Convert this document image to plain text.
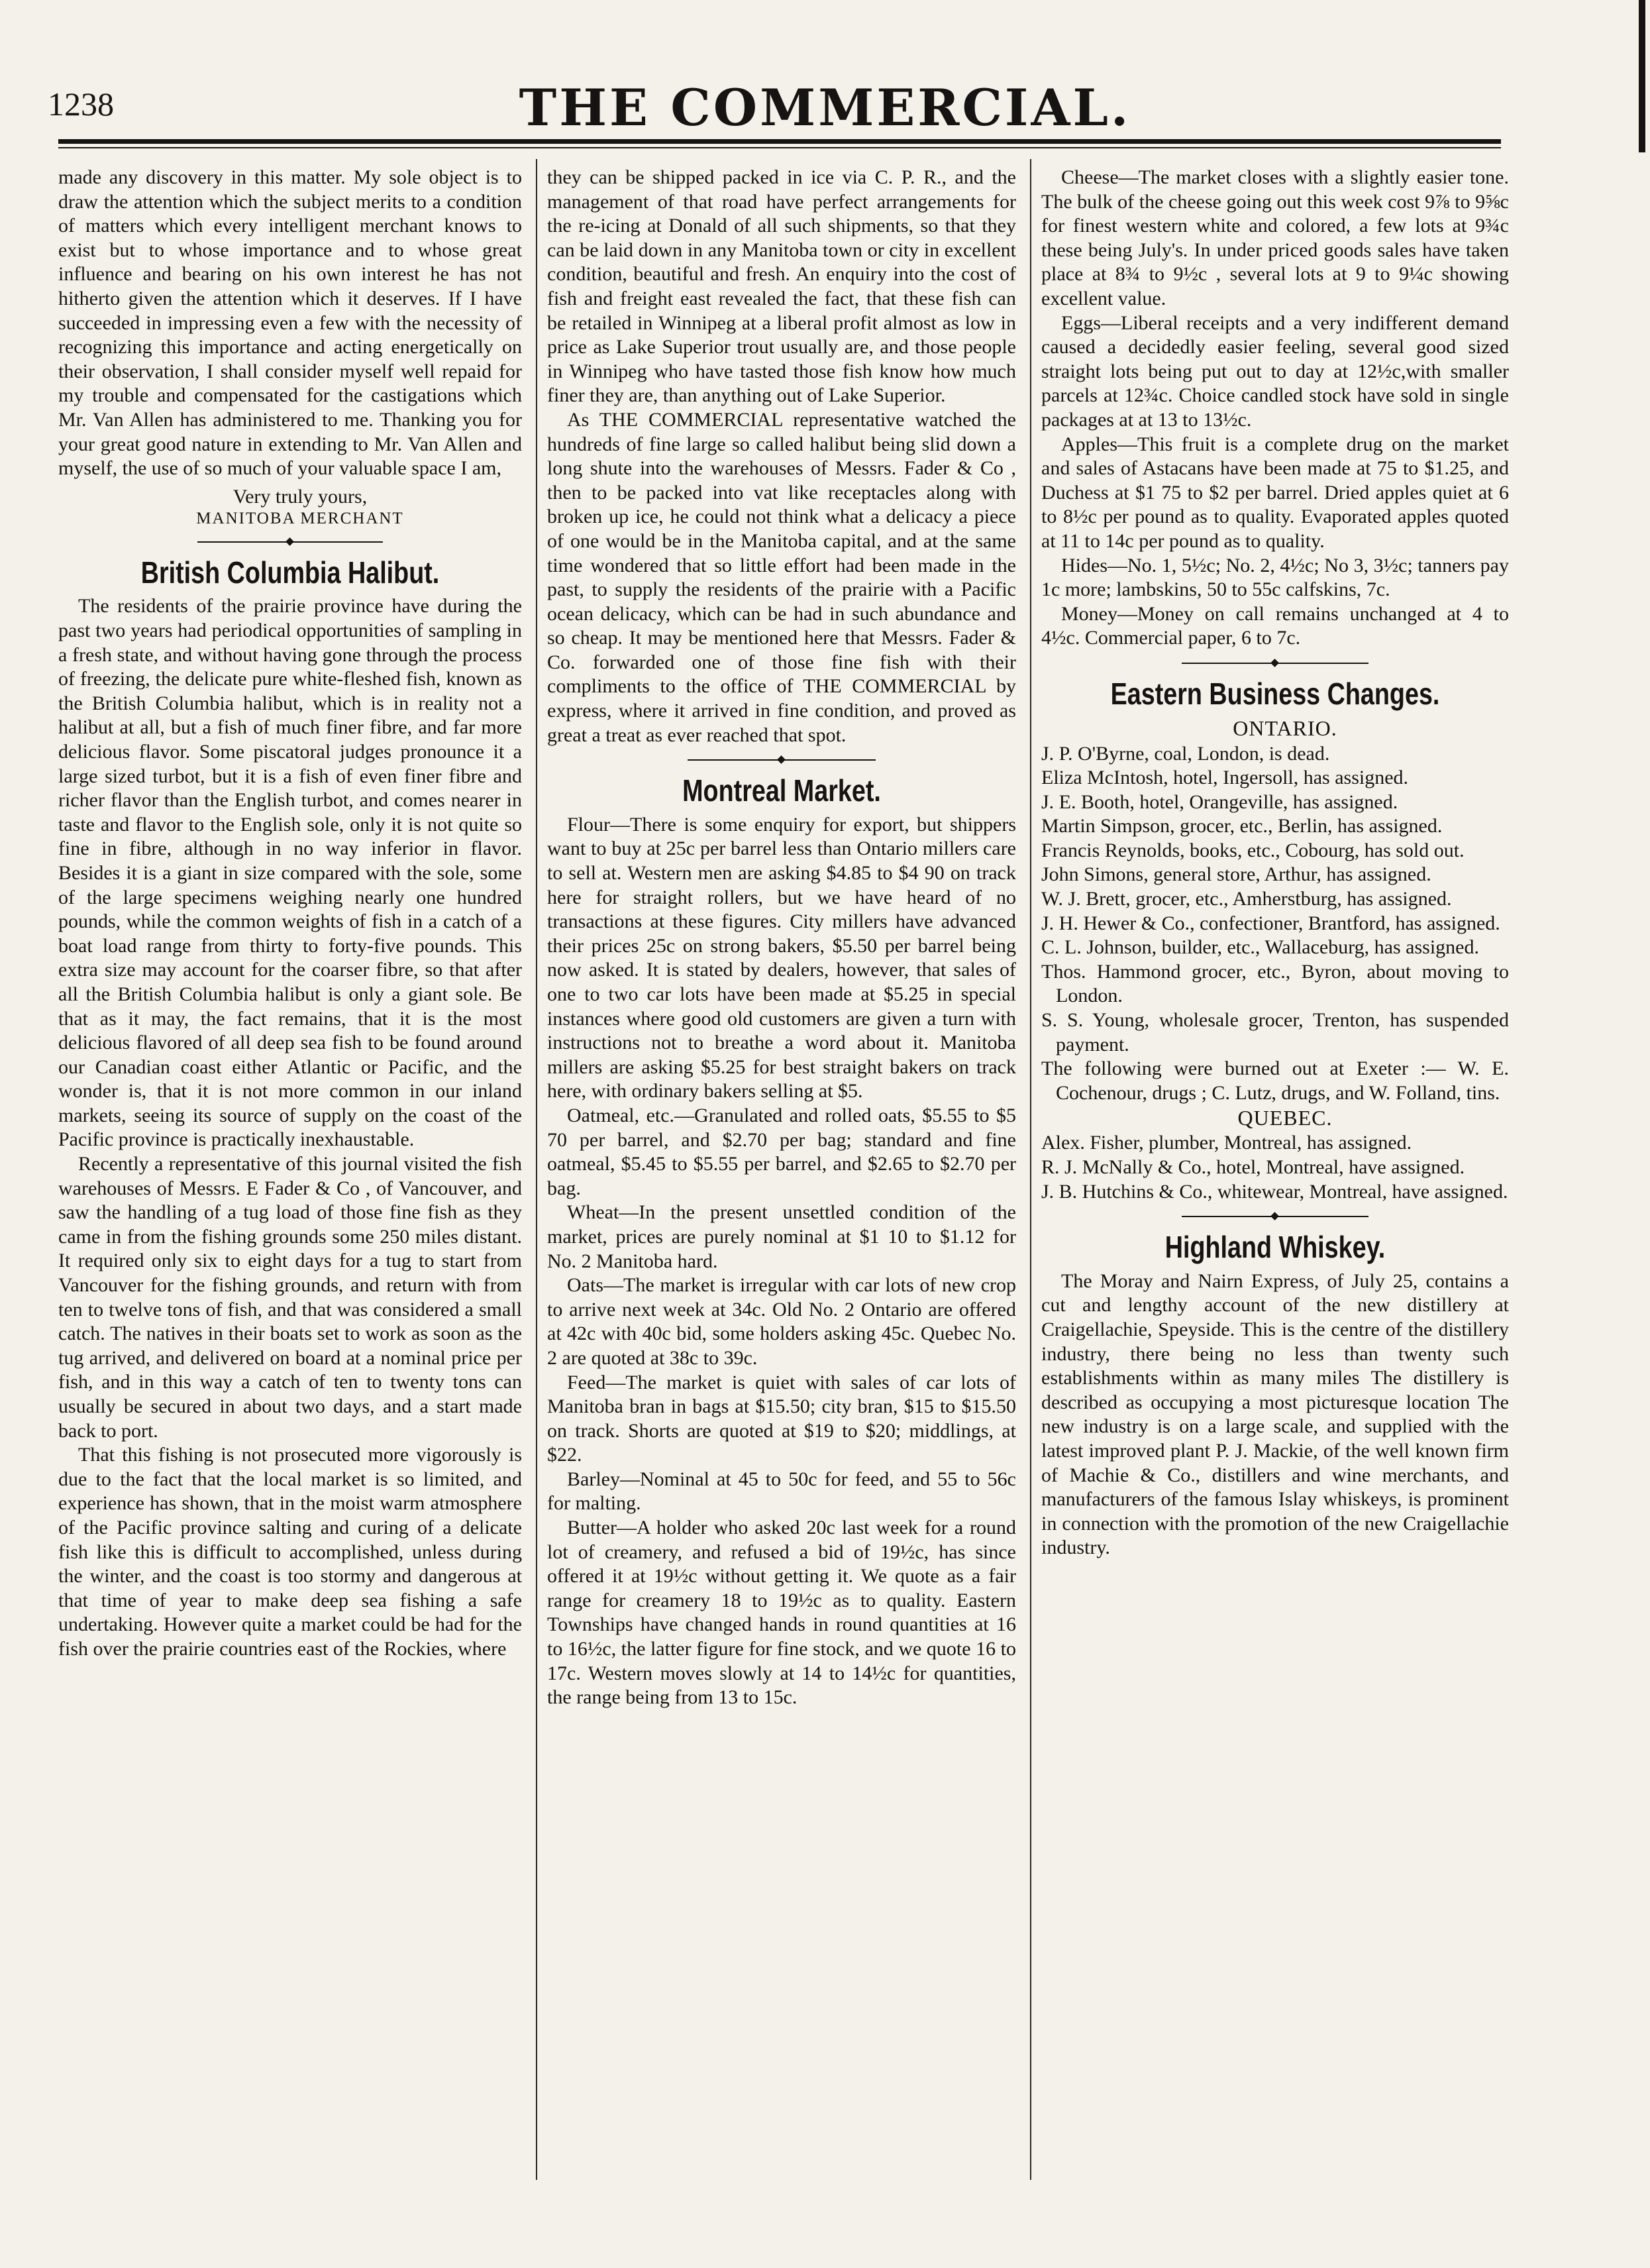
1238	THE COMMERCIAL.

made any discovery in this matter. My sole object is to draw the attention which the subject merits to a condition of matters which every intelligent merchant knows to exist but to whose importance and to whose great influence and bearing on his own interest he has not hitherto given the attention which it deserves. If I have succeeded in impressing even a few with the necessity of recognizing this importance and acting energetically on their observation, I shall consider myself well repaid for my trouble and compensated for the castigations which Mr. Van Allen has administered to me. Thanking you for your great good nature in extending to Mr. Van Allen and myself, the use of so much of your valuable space I am,

Very truly yours,

MANITOBA MERCHANT

British Columbia Halibut.

The residents of the prairie province have during the past two years had periodical opportunities of sampling in a fresh state, and without having gone through the process of freezing, the delicate pure white-fleshed fish, known as the British Columbia halibut, which is in reality not a halibut at all, but a fish of much finer fibre, and far more delicious flavor. Some piscatoral judges pronounce it a large sized turbot, but it is a fish of even finer fibre and richer flavor than the English turbot, and comes nearer in taste and flavor to the English sole, only it is not quite so fine in fibre, although in no way inferior in flavor. Besides it is a giant in size compared with the sole, some of the large specimens weighing nearly one hundred pounds, while the common weights of fish in a catch of a boat load range from thirty to forty-five pounds. This extra size may account for the coarser fibre, so that after all the British Columbia halibut is only a giant sole. Be that as it may, the fact remains, that it is the most delicious flavored of all deep sea fish to be found around our Canadian coast either Atlantic or Pacific, and the wonder is, that it is not more common in our inland markets, seeing its source of supply on the coast of the Pacific province is practically inexhaustable.

Recently a representative of this journal visited the fish warehouses of Messrs. E Fader & Co , of Vancouver, and saw the handling of a tug load of those fine fish as they came in from the fishing grounds some 250 miles distant. It required only six to eight days for a tug to start from Vancouver for the fishing grounds, and return with from ten to twelve tons of fish, and that was considered a small catch. The natives in their boats set to work as soon as the tug arrived, and delivered on board at a nominal price per fish, and in this way a catch of ten to twenty tons can usually be secured in about two days, and a start made back to port.

That this fishing is not prosecuted more vigorously is due to the fact that the local market is so limited, and experience has shown, that in the moist warm atmosphere of the Pacific province salting and curing of a delicate fish like this is difficult to accomplished, unless during the winter, and the coast is too stormy and dangerous at that time of year to make deep sea fishing a safe undertaking. However quite a market could be had for the fish over the prairie countries east of the Rockies, where

they can be shipped packed in ice via C. P. R., and the management of that road have perfect arrangements for the re-icing at Donald of all such shipments, so that they can be laid down in any Manitoba town or city in excellent condition, beautiful and fresh. An enquiry into the cost of fish and freight east revealed the fact, that these fish can be retailed in Winnipeg at a liberal profit almost as low in price as Lake Superior trout usually are, and those people in Winnipeg who have tasted those fish know how much finer they are, than anything out of Lake Superior.

As THE COMMERCIAL representative watched the hundreds of fine large so called halibut being slid down a long shute into the warehouses of Messrs. Fader & Co , then to be packed into vat like receptacles along with broken up ice, he could not think what a delicacy a piece of one would be in the Manitoba capital, and at the same time wondered that so little effort had been made in the past, to supply the residents of the prairie with a Pacific ocean delicacy, which can be had in such abundance and so cheap. It may be mentioned here that Messrs. Fader & Co. forwarded one of those fine fish with their compliments to the office of THE COMMERCIAL by express, where it arrived in fine condition, and proved as great a treat as ever reached that spot.

Montreal Market.

Flour—There is some enquiry for export, but shippers want to buy at 25c per barrel less than Ontario millers care to sell at. Western men are asking $4.85 to $4 90 on track here for straight rollers, but we have heard of no transactions at these figures. City millers have advanced their prices 25c on strong bakers, $5.50 per barrel being now asked. It is stated by dealers, however, that sales of one to two car lots have been made at $5.25 in special instances where good old customers are given a turn with instructions not to breathe a word about it. Manitoba millers are asking $5.25 for best straight bakers on track here, with ordinary bakers selling at $5.

Oatmeal, etc.—Granulated and rolled oats, $5.55 to $5 70 per barrel, and $2.70 per bag; standard and fine oatmeal, $5.45 to $5.55 per barrel, and $2.65 to $2.70 per bag.

Wheat—In the present unsettled condition of the market, prices are purely nominal at $1 10 to $1.12 for No. 2 Manitoba hard.

Oats—The market is irregular with car lots of new crop to arrive next week at 34c. Old No. 2 Ontario are offered at 42c with 40c bid, some holders asking 45c. Quebec No. 2 are quoted at 38c to 39c.

Feed—The market is quiet with sales of car lots of Manitoba bran in bags at $15.50; city bran, $15 to $15.50 on track. Shorts are quoted at $19 to $20; middlings, at $22.

Barley—Nominal at 45 to 50c for feed, and 55 to 56c for malting.

Butter—A holder who asked 20c last week for a round lot of creamery, and refused a bid of 19½c, has since offered it at 19½c without getting it. We quote as a fair range for creamery 18 to 19½c as to quality. Eastern Townships have changed hands in round quantities at 16 to 16½c, the latter figure for fine stock, and we quote 16 to 17c. Western moves slowly at 14 to 14½c for quantities, the range being from 13 to 15c.

Cheese—The market closes with a slightly easier tone. The bulk of the cheese going out this week cost 9⅞ to 9⅝c for finest western white and colored, a few lots at 9¾c these being July's. In under priced goods sales have taken place at 8¾ to 9½c , several lots at 9 to 9¼c showing excellent value.

Eggs—Liberal receipts and a very indifferent demand caused a decidedly easier feeling, several good sized straight lots being put out to day at 12½c,with smaller parcels at 12¾c. Choice candled stock have sold in single packages at at 13 to 13½c.

Apples—This fruit is a complete drug on the market and sales of Astacans have been made at 75 to $1.25, and Duchess at $1 75 to $2 per barrel. Dried apples quiet at 6 to 8½c per pound as to quality. Evaporated apples quoted at 11 to 14c per pound as to quality.

Hides—No. 1, 5½c; No. 2, 4½c; No 3, 3½c; tanners pay 1c more; lambskins, 50 to 55c calfskins, 7c.

Money—Money on call remains unchanged at 4 to 4½c. Commercial paper, 6 to 7c.

Eastern Business Changes.

ONTARIO.

J. P. O'Byrne, coal, London, is dead.

Eliza McIntosh, hotel, Ingersoll, has assigned.

J. E. Booth, hotel, Orangeville, has assigned.

Martin Simpson, grocer, etc., Berlin, has assigned.

Francis Reynolds, books, etc., Cobourg, has sold out.

John Simons, general store, Arthur, has assigned.

W. J. Brett, grocer, etc., Amherstburg, has assigned.

J. H. Hewer & Co., confectioner, Brantford, has assigned.

C. L. Johnson, builder, etc., Wallaceburg, has assigned.

Thos. Hammond grocer, etc., Byron, about moving to London.

S. S. Young, wholesale grocer, Trenton, has suspended payment.

The following were burned out at Exeter :— W. E. Cochenour, drugs ; C. Lutz, drugs, and W. Folland, tins.

QUEBEC.

Alex. Fisher, plumber, Montreal, has assigned.

R. J. McNally & Co., hotel, Montreal, have assigned.

J. B. Hutchins & Co., whitewear, Montreal, have assigned.

Highland Whiskey.

The Moray and Nairn Express, of July 25, contains a cut and lengthy account of the new distillery at Craigellachie, Speyside. This is the centre of the distillery industry, there being no less than twenty such establishments within as many miles The distillery is described as occupying a most picturesque location The new industry is on a large scale, and supplied with the latest improved plant P. J. Mackie, of the well known firm of Machie & Co., distillers and wine merchants, and manufacturers of the famous Islay whiskeys, is prominent in connection with the promotion of the new Craigellachie industry.
